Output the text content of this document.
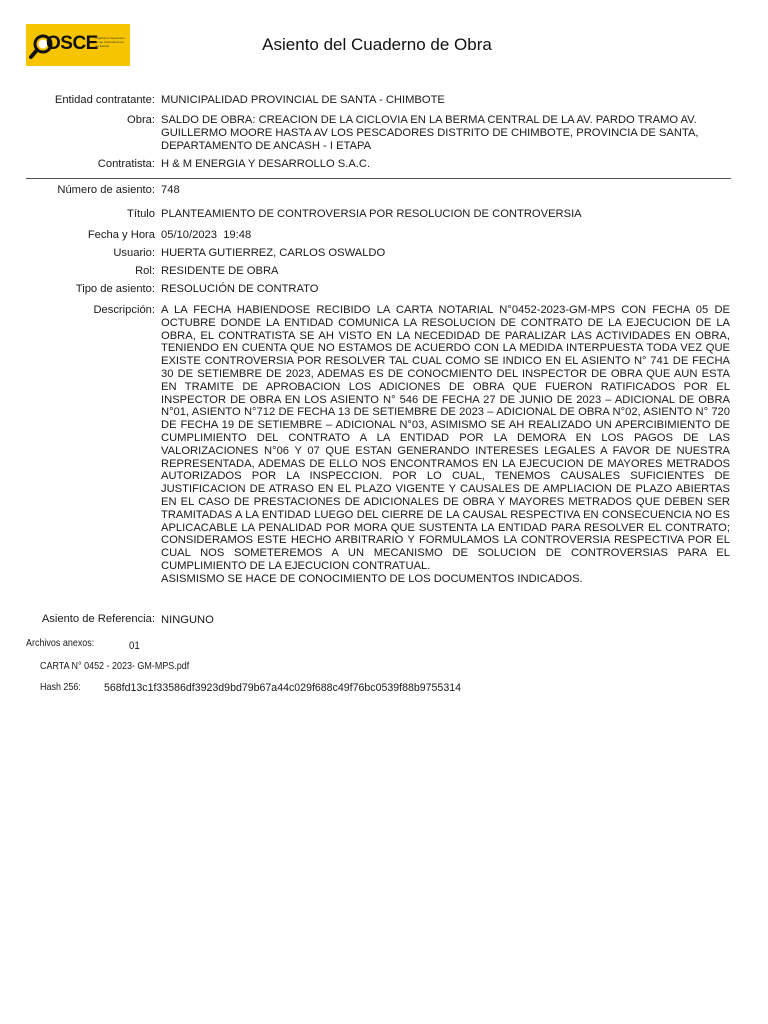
OSCE
Organismo Supervisor de las Contrataciones del Estado	Asiento del Cuaderno de Obra
Entidad contratante: MUNICIPALIDAD PROVINCIAL DE SANTA - CHIMBOTE
Obra: SALDO DE OBRA: CREACION DE LA CICLOVIA EN LA BERMA CENTRAL DE LA AV. PARDO TRAMO AV. GUILLERMO MOORE HASTA AV LOS PESCADORES DISTRITO DE CHIMBOTE, PROVINCIA DE SANTA, DEPARTAMENTO DE ANCASH - I ETAPA
Contratista: H & M ENERGIA Y DESARROLLO S.A.C.
Número de asiento: 748
Título PLANTEAMIENTO DE CONTROVERSIA POR RESOLUCION DE CONTROVERSIA
Fecha y Hora 05/10/2023  19:48
Usuario: HUERTA GUTIERREZ, CARLOS OSWALDO
Rol: RESIDENTE DE OBRA
Tipo de asiento: RESOLUCIÓN DE CONTRATO
Descripción: A LA FECHA HABIENDOSE RECIBIDO LA CARTA NOTARIAL N°0452-2023-GM-MPS CON FECHA 05 DE OCTUBRE DONDE LA ENTIDAD COMUNICA LA RESOLUCION DE CONTRATO DE LA EJECUCION DE LA OBRA, EL CONTRATISTA SE AH VISTO EN LA NECEDIDAD DE PARALIZAR LAS ACTIVIDADES EN OBRA, TENIENDO EN CUENTA QUE NO ESTAMOS DE ACUERDO CON LA MEDIDA INTERPUESTA TODA VEZ QUE EXISTE CONTROVERSIA POR RESOLVER TAL CUAL COMO SE INDICO EN EL ASIENTO N° 741 DE FECHA 30 DE SETIEMBRE DE 2023, ADEMAS ES DE CONOCMIENTO DEL INSPECTOR DE OBRA QUE AUN ESTA EN TRAMITE DE APROBACION LOS ADICIONES DE OBRA QUE FUERON RATIFICADOS POR EL INSPECTOR DE OBRA EN LOS ASIENTO N° 546 DE FECHA 27 DE JUNIO DE 2023 – ADICIONAL DE OBRA N°01, ASIENTO N°712 DE FECHA 13 DE SETIEMBRE DE 2023 – ADICIONAL DE OBRA N°02, ASIENTO N° 720 DE FECHA 19 DE SETIEMBRE – ADICIONAL N°03, ASIMISMO SE AH REALIZADO UN APERCIBIMIENTO DE CUMPLIMIENTO DEL CONTRATO A LA ENTIDAD POR LA DEMORA EN LOS PAGOS DE LAS VALORIZACIONES N°06 Y 07 QUE ESTAN GENERANDO INTERESES LEGALES A FAVOR DE NUESTRA REPRESENTADA, ADEMAS DE ELLO NOS ENCONTRAMOS EN LA EJECUCION DE MAYORES METRADOS AUTORIZADOS POR LA INSPECCION. POR LO CUAL, TENEMOS CAUSALES SUFICIENTES DE JUSTIFICACION DE ATRASO EN EL PLAZO VIGENTE Y CAUSALES DE AMPLIACION DE PLAZO ABIERTAS EN EL CASO DE PRESTACIONES DE ADICIONALES DE OBRA Y MAYORES METRADOS QUE DEBEN SER TRAMITADAS A LA ENTIDAD LUEGO DEL CIERRE DE LA CAUSAL RESPECTIVA EN CONSECUENCIA NO ES APLICACABLE LA PENALIDAD POR MORA QUE SUSTENTA LA ENTIDAD PARA RESOLVER EL CONTRATO; CONSIDERAMOS ESTE HECHO ARBITRARIO Y FORMULAMOS LA CONTROVERSIA RESPECTIVA POR EL CUAL NOS SOMETEREMOS A UN MECANISMO DE SOLUCION DE CONTROVERSIAS PARA EL CUMPLIMIENTO DE LA EJECUCION CONTRATUAL.
ASISMISMO SE HACE DE CONOCIMIENTO DE LOS DOCUMENTOS INDICADOS.
Asiento de Referencia: NINGUNO
Archivos anexos:	01
CARTA N° 0452 - 2023- GM-MPS.pdf
Hash 256: 568fd13c1f33586df3923d9bd79b67a44c029f688c49f76bc0539f88b9755314
